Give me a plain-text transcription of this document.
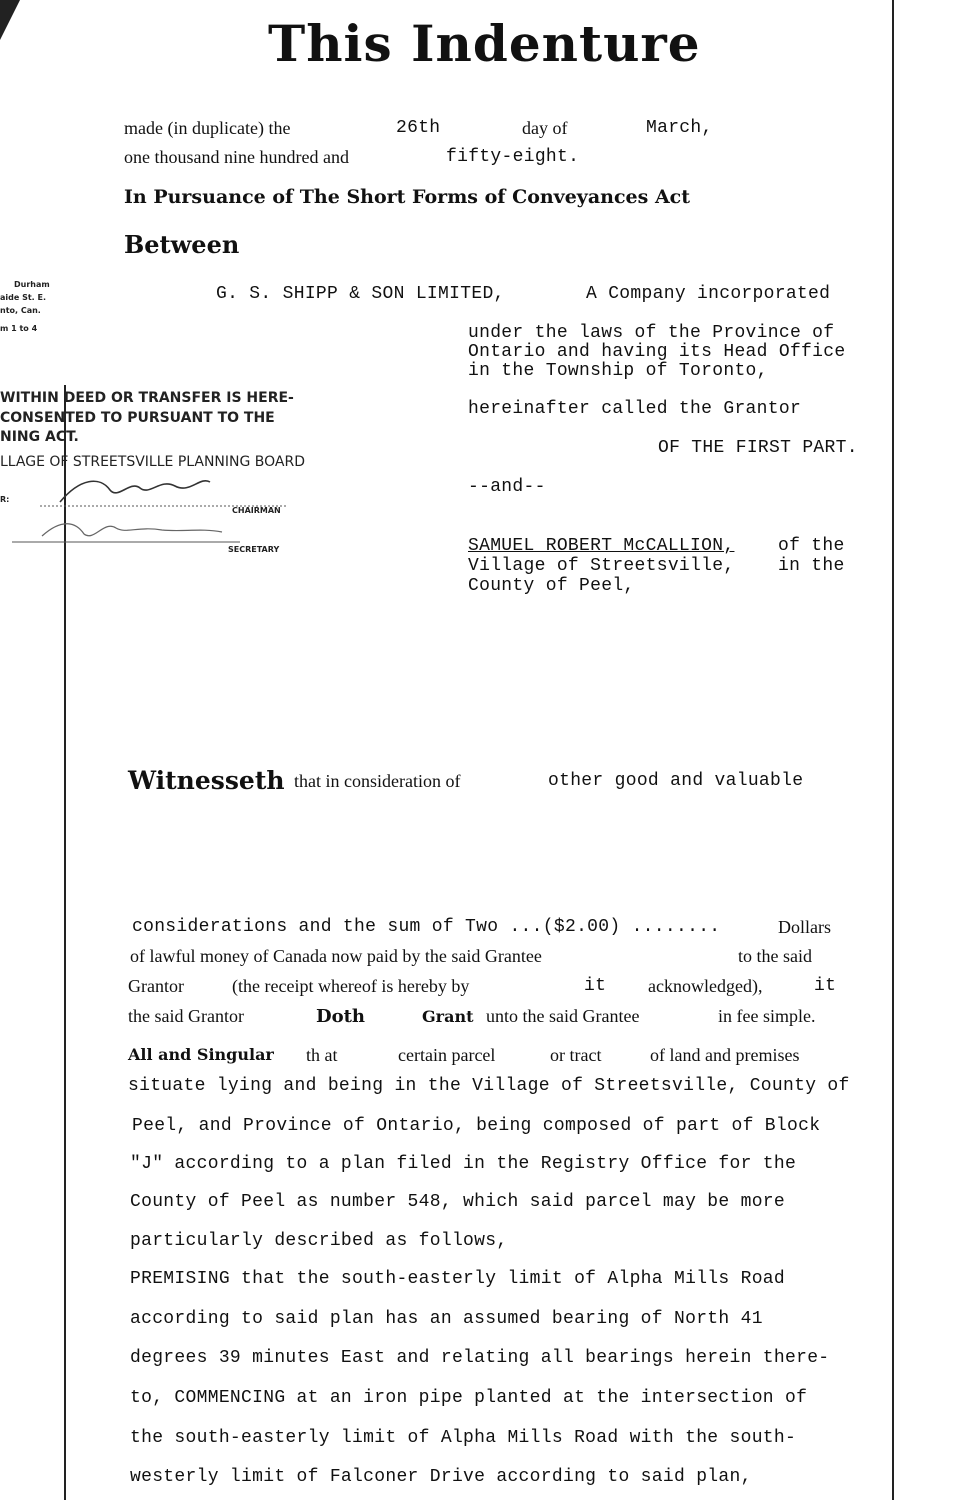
This Indenture
made (in duplicate) the	26th	day of	March,
one thousand nine hundred and	fifty-eight.
In Pursuance of The Short Forms of Conveyances Act
Between
Durham
aide St. E.
nto, Can.
m 1 to 4
G. S. SHIPP & SON LIMITED,	A Company incorporated
under the laws of the Province of
Ontario and having its Head Office
in the Township of Toronto,
hereinafter called the Grantor
OF THE FIRST PART.
--and--
WITHIN DEED OR TRANSFER IS HERE-
CONSENTED TO PURSUANT TO THE
NING ACT.
LLAGE OF STREETSVILLE PLANNING BOARD
R:
CHAIRMAN
SECRETARY	SAMUEL ROBERT McCALLION, of the
Village of Streetsville, in the
County of Peel,
Witnesseth that in consideration of	other good and valuable
considerations and the sum of Two ...($2.00) ........	Dollars
of lawful money of Canada now paid by the said Grantee	to the said
Grantor	(the receipt whereof is hereby by	it acknowledged),	it
the said Grantor	Doth	Grant unto the said Grantee	in fee simple.
All and Singular th at	certain parcel	or tract	of land and premises
situate lying and being in the Village of Streetsville, County of
Peel, and Province of Ontario, being composed of part of Block
"J" according to a plan filed in the Registry Office for the
County of Peel as number 548, which said parcel may be more
particularly described as follows,
PREMISING that the south-easterly limit of Alpha Mills Road
according to said plan has an assumed bearing of North 41
degrees 39 minutes East and relating all bearings herein there-
to, COMMENCING at an iron pipe planted at the intersection of
the south-easterly limit of Alpha Mills Road with the south-
westerly limit of Falconer Drive according to said plan,
